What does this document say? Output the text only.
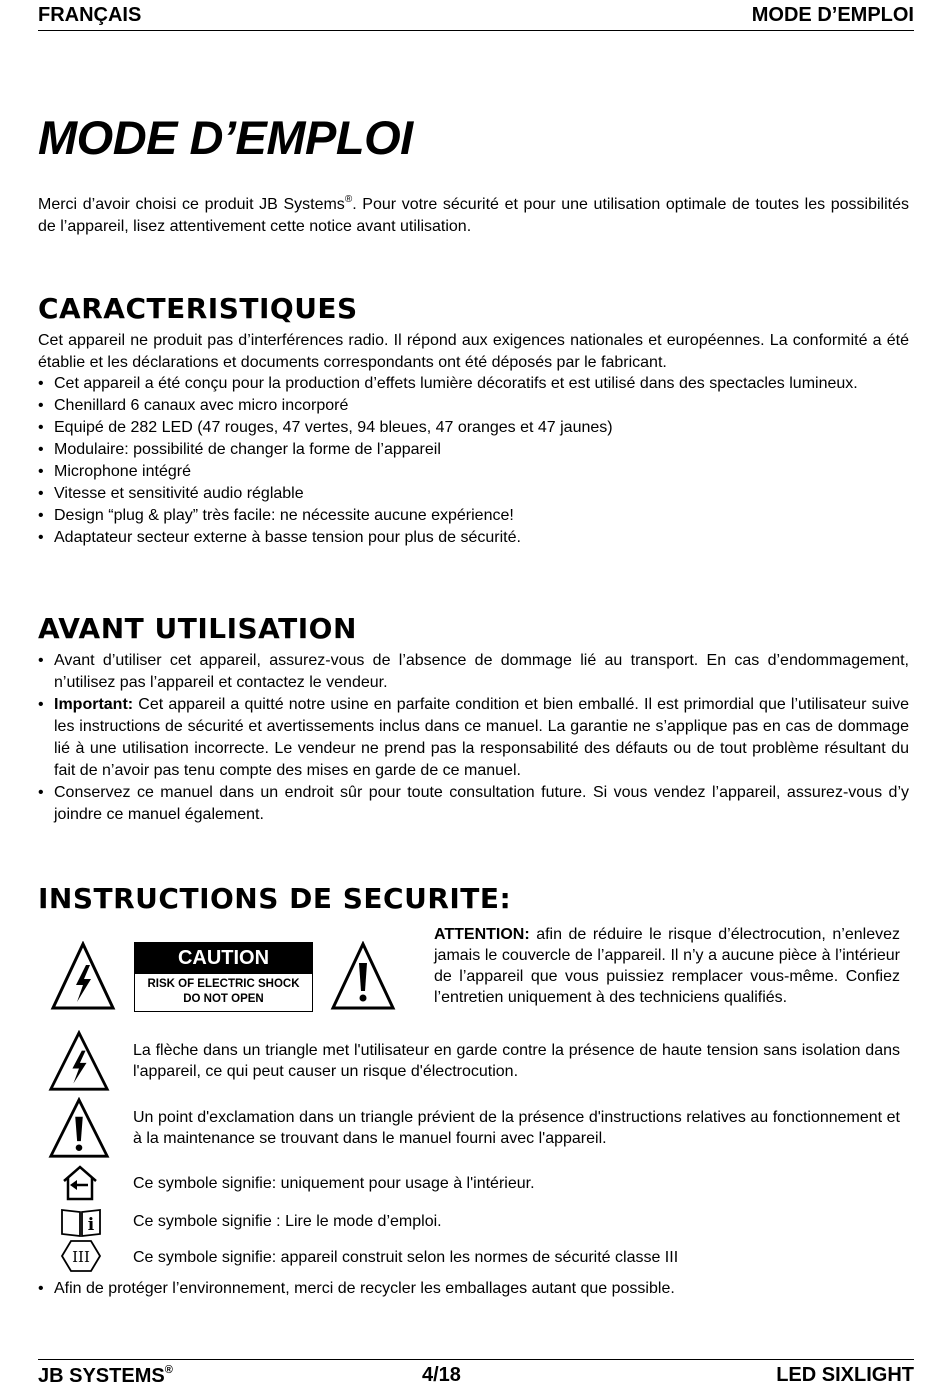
FRANÇAIS	MODE D’EMPLOI
MODE D’EMPLOI
Merci d’avoir choisi ce produit JB Systems®. Pour votre sécurité et pour une utilisation optimale de toutes les possibilités de l’appareil, lisez attentivement cette notice avant utilisation.
CARACTERISTIQUES
Cet appareil ne produit pas d’interférences radio. Il répond aux exigences nationales et européennes. La conformité a été établie et les déclarations et documents correspondants ont été déposés par le fabricant.
• Cet appareil a été conçu pour la production d’effets lumière décoratifs et est utilisé dans des spectacles lumineux.
• Chenillard 6 canaux avec micro incorporé
• Equipé de 282 LED (47 rouges, 47 vertes, 94 bleues, 47 oranges et 47 jaunes)
• Modulaire: possibilité de changer la forme de l’appareil
• Microphone intégré
• Vitesse et sensitivité audio réglable
• Design “plug & play” très facile: ne nécessite aucune expérience!
• Adaptateur secteur externe à basse tension pour plus de sécurité.
AVANT UTILISATION
• Avant d’utiliser cet appareil, assurez-vous de l’absence de dommage lié au transport. En cas d’endommagement, n’utilisez pas l’appareil et contactez le vendeur.
• Important: Cet appareil a quitté notre usine en parfaite condition et bien emballé. Il est primordial que l’utilisateur suive les instructions de sécurité et avertissements inclus dans ce manuel. La garantie ne s’applique pas en cas de dommage lié à une utilisation incorrecte. Le vendeur ne prend pas la responsabilité des défauts ou de tout problème résultant du fait de n’avoir pas tenu compte des mises en garde de ce manuel.
• Conservez ce manuel dans un endroit sûr pour toute consultation future. Si vous vendez l’appareil, assurez-vous d’y joindre ce manuel également.
INSTRUCTIONS DE SECURITE:
CAUTION
RISK OF ELECTRIC SHOCK
DO NOT OPEN
ATTENTION: afin de réduire le risque d’électrocution, n’enlevez jamais le couvercle de l’appareil. Il n’y a aucune pièce à l’intérieur de l’appareil que vous puissiez remplacer vous-même. Confiez l’entretien uniquement à des techniciens qualifiés.
La flèche dans un triangle met l'utilisateur en garde contre la présence de haute tension sans isolation dans l'appareil, ce qui peut causer un risque d'électrocution.
Un point d'exclamation dans un triangle prévient de la présence d'instructions relatives au fonctionnement et à la maintenance se trouvant dans le manuel fourni avec l'appareil.
Ce symbole signifie: uniquement pour usage à l'intérieur.
i Ce symbole signifie : Lire le mode d’emploi.
III	Ce symbole signifie: appareil construit selon les normes de sécurité classe III
• Afin de protéger l’environnement, merci de recycler les emballages autant que possible.
JB SYSTEMS®	4/18	LED SIXLIGHT
